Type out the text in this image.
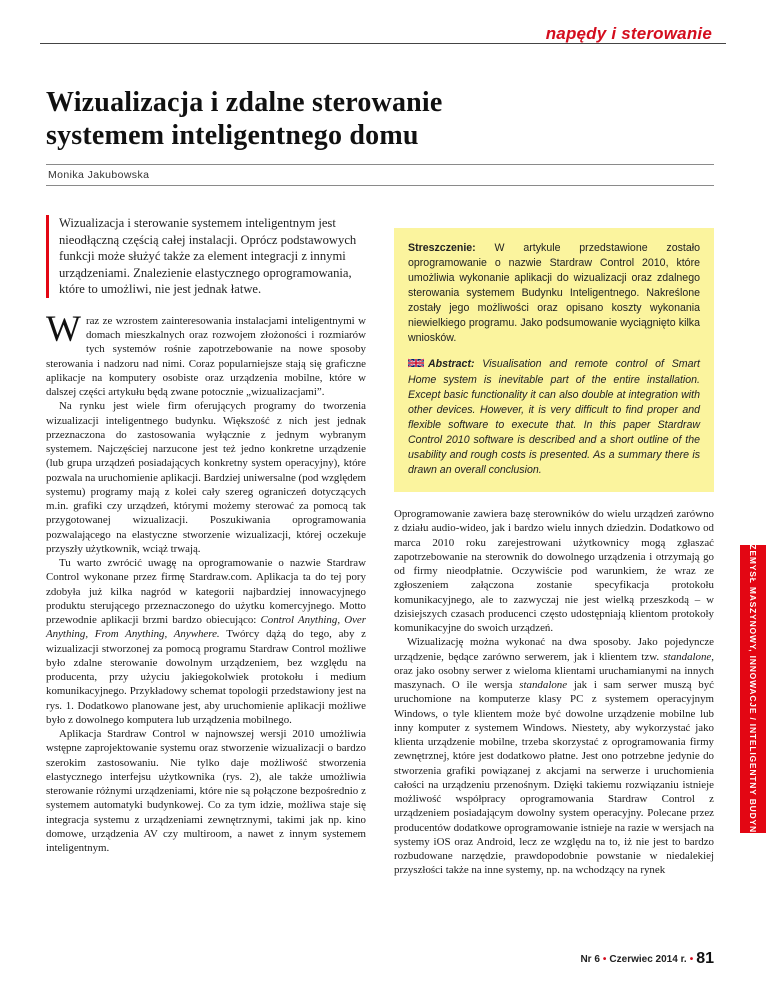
napędy i sterowanie
Wizualizacja i zdalne sterowanie
systemem inteligentnego domu
Monika Jakubowska
Wizualizacja i sterowanie systemem inteligentnym jest nieodłączną częścią całej instalacji. Oprócz podstawowych funkcji może służyć także za element integracji z innymi urządzeniami. Znalezienie elastycznego oprogramowania, które to umożliwi, nie jest jednak łatwe.

Wraz ze wzrostem zainteresowania instalacjami inteligentnymi w domach mieszkalnych oraz rozwojem złożoności i rozmiarów tych systemów rośnie zapotrzebowanie na nowe sposoby sterowania i nadzoru nad nimi. Coraz popularniejsze stają się graficzne aplikacje na komputery osobiste oraz urządzenia mobilne, które w dalszej części artykułu będą zwane potocznie „wizualizacjami”.

Na rynku jest wiele firm oferujących programy do tworzenia wizualizacji inteligentnego budynku. Większość z nich jest jednak przeznaczona do zastosowania wyłącznie z jednym wybranym systemem. Najczęściej narzucone jest też jedno konkretne urządzenie (lub grupa urządzeń posiadających konkretny system operacyjny), które pozwala na uruchomienie aplikacji. Bardziej uniwersalne (pod względem systemu) programy mają z kolei cały szereg ograniczeń dotyczących m.in. grafiki czy urządzeń, którymi możemy sterować za pomocą tak przygotowanej wizualizacji. Poszukiwania oprogramowania pozwalającego na elastyczne stworzenie wizualizacji, której oczekuje przyszły użytkownik, wciąż trwają.

Tu warto zwrócić uwagę na oprogramowanie o nazwie Stardraw Control wykonane przez firmę Stardraw.com. Aplikacja ta do tej pory zdobyła już kilka nagród w kategorii najbardziej innowacyjnego produktu sterującego przeznaczonego do użytku komercyjnego. Motto przewodnie aplikacji brzmi bardzo obiecująco: Control Anything, Over Anything, From Anything, Anywhere. Twórcy dążą do tego, aby z wizualizacji stworzonej za pomocą programu Stardraw Control możliwe było zdalne sterowanie dowolnym urządzeniem, bez względu na producenta, przy użyciu jakiegokolwiek protokołu i medium komunikacyjnego. Przykładowy schemat topologii przedstawiony jest na rys. 1. Dodatkowo planowane jest, aby uruchomienie aplikacji możliwe było z dowolnego komputera lub urządzenia mobilnego.

Aplikacja Stardraw Control w najnowszej wersji 2010 umożliwia wstępne zaprojektowanie systemu oraz stworzenie wizualizacji o bardzo szerokim zastosowaniu. Nie tylko daje możliwość stworzenia elastycznego interfejsu użytkownika (rys. 2), ale także umożliwia sterowanie różnymi urządzeniami, które nie są połączone bezpośrednio z systemem automatyki budynkowej. Co za tym idzie, możliwa staje się integracja systemu z urządzeniami zewnętrznymi, takimi jak np. kino domowe, urządzenia AV czy multiroom, a nawet z innym systemem inteligentnym.

Streszczenie: W artykule przedstawione zostało oprogramowanie o nazwie Stardraw Control 2010, które umożliwia wykonanie aplikacji do wizualizacji oraz zdalnego sterowania systemem Budynku Inteligentnego. Nakreślone zostały jego możliwości oraz opisano koszty wykonania niewielkiego programu. Jako podsumowanie wyciągnięto kilka wniosków.

Abstract: Visualisation and remote control of Smart Home system is inevitable part of the entire installation. Except basic functionality it can also double at integration with other devices. However, it is very difficult to find proper and flexible software to execute that. In this paper Stardraw Control 2010 software is described and a short outline of the usability and rough costs is presented. As a summary there is drawn an overall conclusion.

Oprogramowanie zawiera bazę sterowników do wielu urządzeń zarówno z działu audio-wideo, jak i bardzo wielu innych dziedzin. Dodatkowo od marca 2010 roku zarejestrowani użytkownicy mogą zgłaszać zapotrzebowanie na sterownik do dowolnego urządzenia i otrzymają go od firmy nieodpłatnie. Oczywiście pod warunkiem, że wraz ze zgłoszeniem załączona zostanie specyfikacja protokołu komunikacyjnego, ale to zazwyczaj nie jest wielką przeszkodą – w dzisiejszych czasach producenci często udostępniają klientom protokoły komunikacyjne do swoich urządzeń.

Wizualizację można wykonać na dwa sposoby. Jako pojedyncze urządzenie, będące zarówno serwerem, jak i klientem tzw. standalone, oraz jako osobny serwer z wieloma klientami uruchamianymi na innych maszynach. O ile wersja standalone jak i sam serwer muszą być uruchomione na komputerze klasy PC z systemem operacyjnym Windows, o tyle klientem może być dowolne urządzenie mobilne lub inny komputer z systemem Windows. Niestety, aby wykorzystać jako klienta urządzenie mobilne, trzeba skorzystać z oprogramowania firmy zewnętrznej, które jest dodatkowo płatne. Jest ono potrzebne jedynie do stworzenia grafiki powiązanej z akcjami na serwerze i uruchomienia całości na urządzeniu przenośnym. Dzięki takiemu rozwiązaniu istnieje możliwość współpracy oprogramowania Stardraw Control z urządzeniem posiadającym dowolny system operacyjny. Polecane przez producentów dodatkowe oprogramowanie istnieje na razie w wersjach na systemy iOS oraz Android, lecz ze względu na to, iż nie jest to bardzo rozbudowane narzędzie, prawdopodobnie powstanie w niedalekiej przyszłości także na inne systemy, np. na wchodzący na rynek

PRZEMYSŁ MASZYNOWY, INNOWACJE / INTELIGENTNY BUDYNEK
Nr 6 • Czerwiec 2014 r. • 81
